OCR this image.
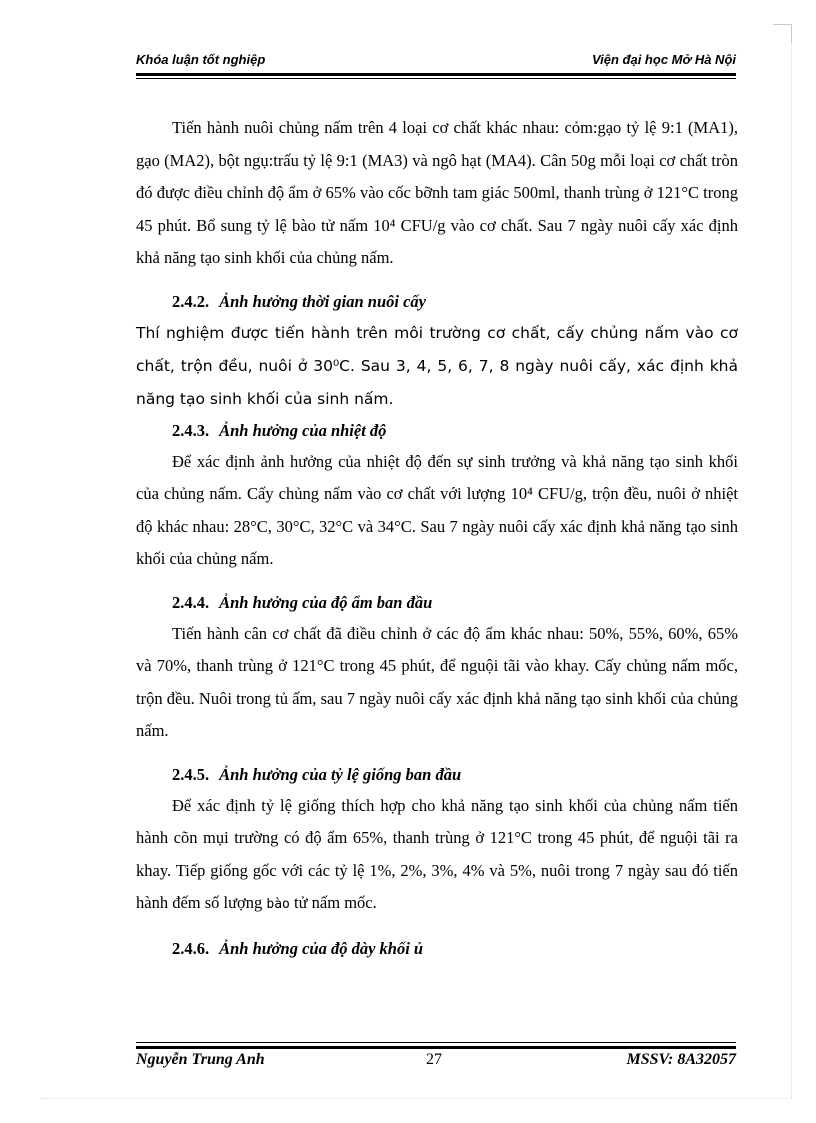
Khóa luận tốt nghiệp	Viện đại học Mở Hà Nội

Tiến hành nuôi chủng nấm trên 4 loại cơ chất khác nhau: cỏm:gạo tỷ lệ 9:1 (MA1), gạo (MA2), bột ngụ:trấu tỷ lệ 9:1 (MA3) và ngô hạt (MA4). Cân 50g mỗi loại cơ chất tròn đó được điều chỉnh độ ẩm ở 65% vào cốc bỡnh tam giác 500ml, thanh trùng ở 121°C trong 45 phút. Bổ sung tỷ lệ bào tử nấm 10⁴ CFU/g vào cơ chất. Sau 7 ngày nuôi cấy xác định khả năng tạo sinh khối của chủng nấm.

2.4.2. Ảnh hưởng thời gian nuôi cấy

Thí nghiệm được tiến hành trên môi trường cơ chất, cấy chủng nấm vào cơ chất, trộn đều, nuôi ở 30⁰C. Sau 3, 4, 5, 6, 7, 8 ngày nuôi cấy, xác định khả năng tạo sinh khối của sinh nấm.

2.4.3. Ảnh hưởng của nhiệt độ

Để xác định ảnh hưởng của nhiệt độ đến sự sinh trưởng và khả năng tạo sinh khối của chủng nấm. Cấy chủng nấm vào cơ chất với lượng 10⁴ CFU/g, trộn đều, nuôi ở nhiệt độ khác nhau: 28°C, 30°C, 32°C và 34°C. Sau 7 ngày nuôi cấy xác định khả năng tạo sinh khối của chủng nấm.

2.4.4. Ảnh hưởng của độ ẩm ban đầu

Tiến hành cân cơ chất đã điều chỉnh ở các độ ẩm khác nhau: 50%, 55%, 60%, 65% và 70%, thanh trùng ở 121°C trong 45 phút, để nguội tãi vào khay. Cấy chủng nấm mốc, trộn đều. Nuôi trong tủ ấm, sau 7 ngày nuôi cấy xác định khả năng tạo sinh khối của chủng nấm.

2.4.5. Ảnh hưởng của tỷ lệ giống ban đầu

Để xác định tỷ lệ giống thích hợp cho khả năng tạo sinh khối của chủng nấm tiến hành cõn mụi trường có độ ẩm 65%, thanh trùng ở 121°C trong 45 phút, để nguội tãi ra khay. Tiếp giống gốc với các tỷ lệ 1%, 2%, 3%, 4% và 5%, nuôi trong 7 ngày sau đó tiến hành đếm số lượng bào tử nấm mốc.

2.4.6. Ảnh hưởng của độ dày khối ủ
Nguyễn Trung Anh	27	MSSV: 8A32057
